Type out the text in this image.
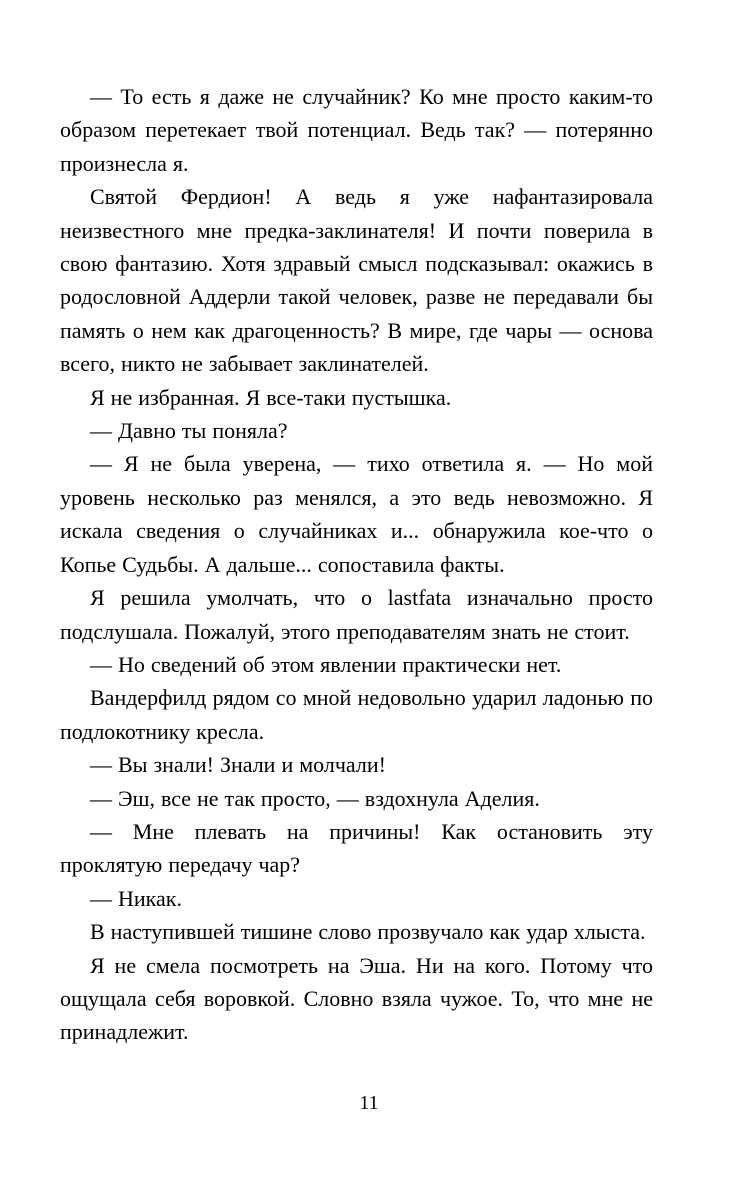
— То есть я даже не случайник? Ко мне просто каким-то образом перетекает твой потенциал. Ведь так? — потерянно произнесла я.

Святой Фердион! А ведь я уже нафантазировала неизвестного мне предка-заклинателя! И почти поверила в свою фантазию. Хотя здравый смысл подсказывал: окажись в родословной Аддерли такой человек, разве не передавали бы память о нем как драгоценность? В мире, где чары — основа всего, никто не забывает заклинателей.

Я не избранная. Я все-таки пустышка.

— Давно ты поняла?

— Я не была уверена, — тихо ответила я. — Но мой уровень несколько раз менялся, а это ведь невозможно. Я искала сведения о случайниках и... обнаружила кое-что о Копье Судьбы. А дальше... сопоставила факты.

Я решила умолчать, что о lastfata изначально просто подслушала. Пожалуй, этого преподавателям знать не стоит.

— Но сведений об этом явлении практически нет.

Вандерфилд рядом со мной недовольно ударил ладонью по подлокотнику кресла.

— Вы знали! Знали и молчали!

— Эш, все не так просто, — вздохнула Аделия.

— Мне плевать на причины! Как остановить эту проклятую передачу чар?

— Никак.

В наступившей тишине слово прозвучало как удар хлыста.

Я не смела посмотреть на Эша. Ни на кого. Потому что ощущала себя воровкой. Словно взяла чужое. То, что мне не принадлежит.

11
